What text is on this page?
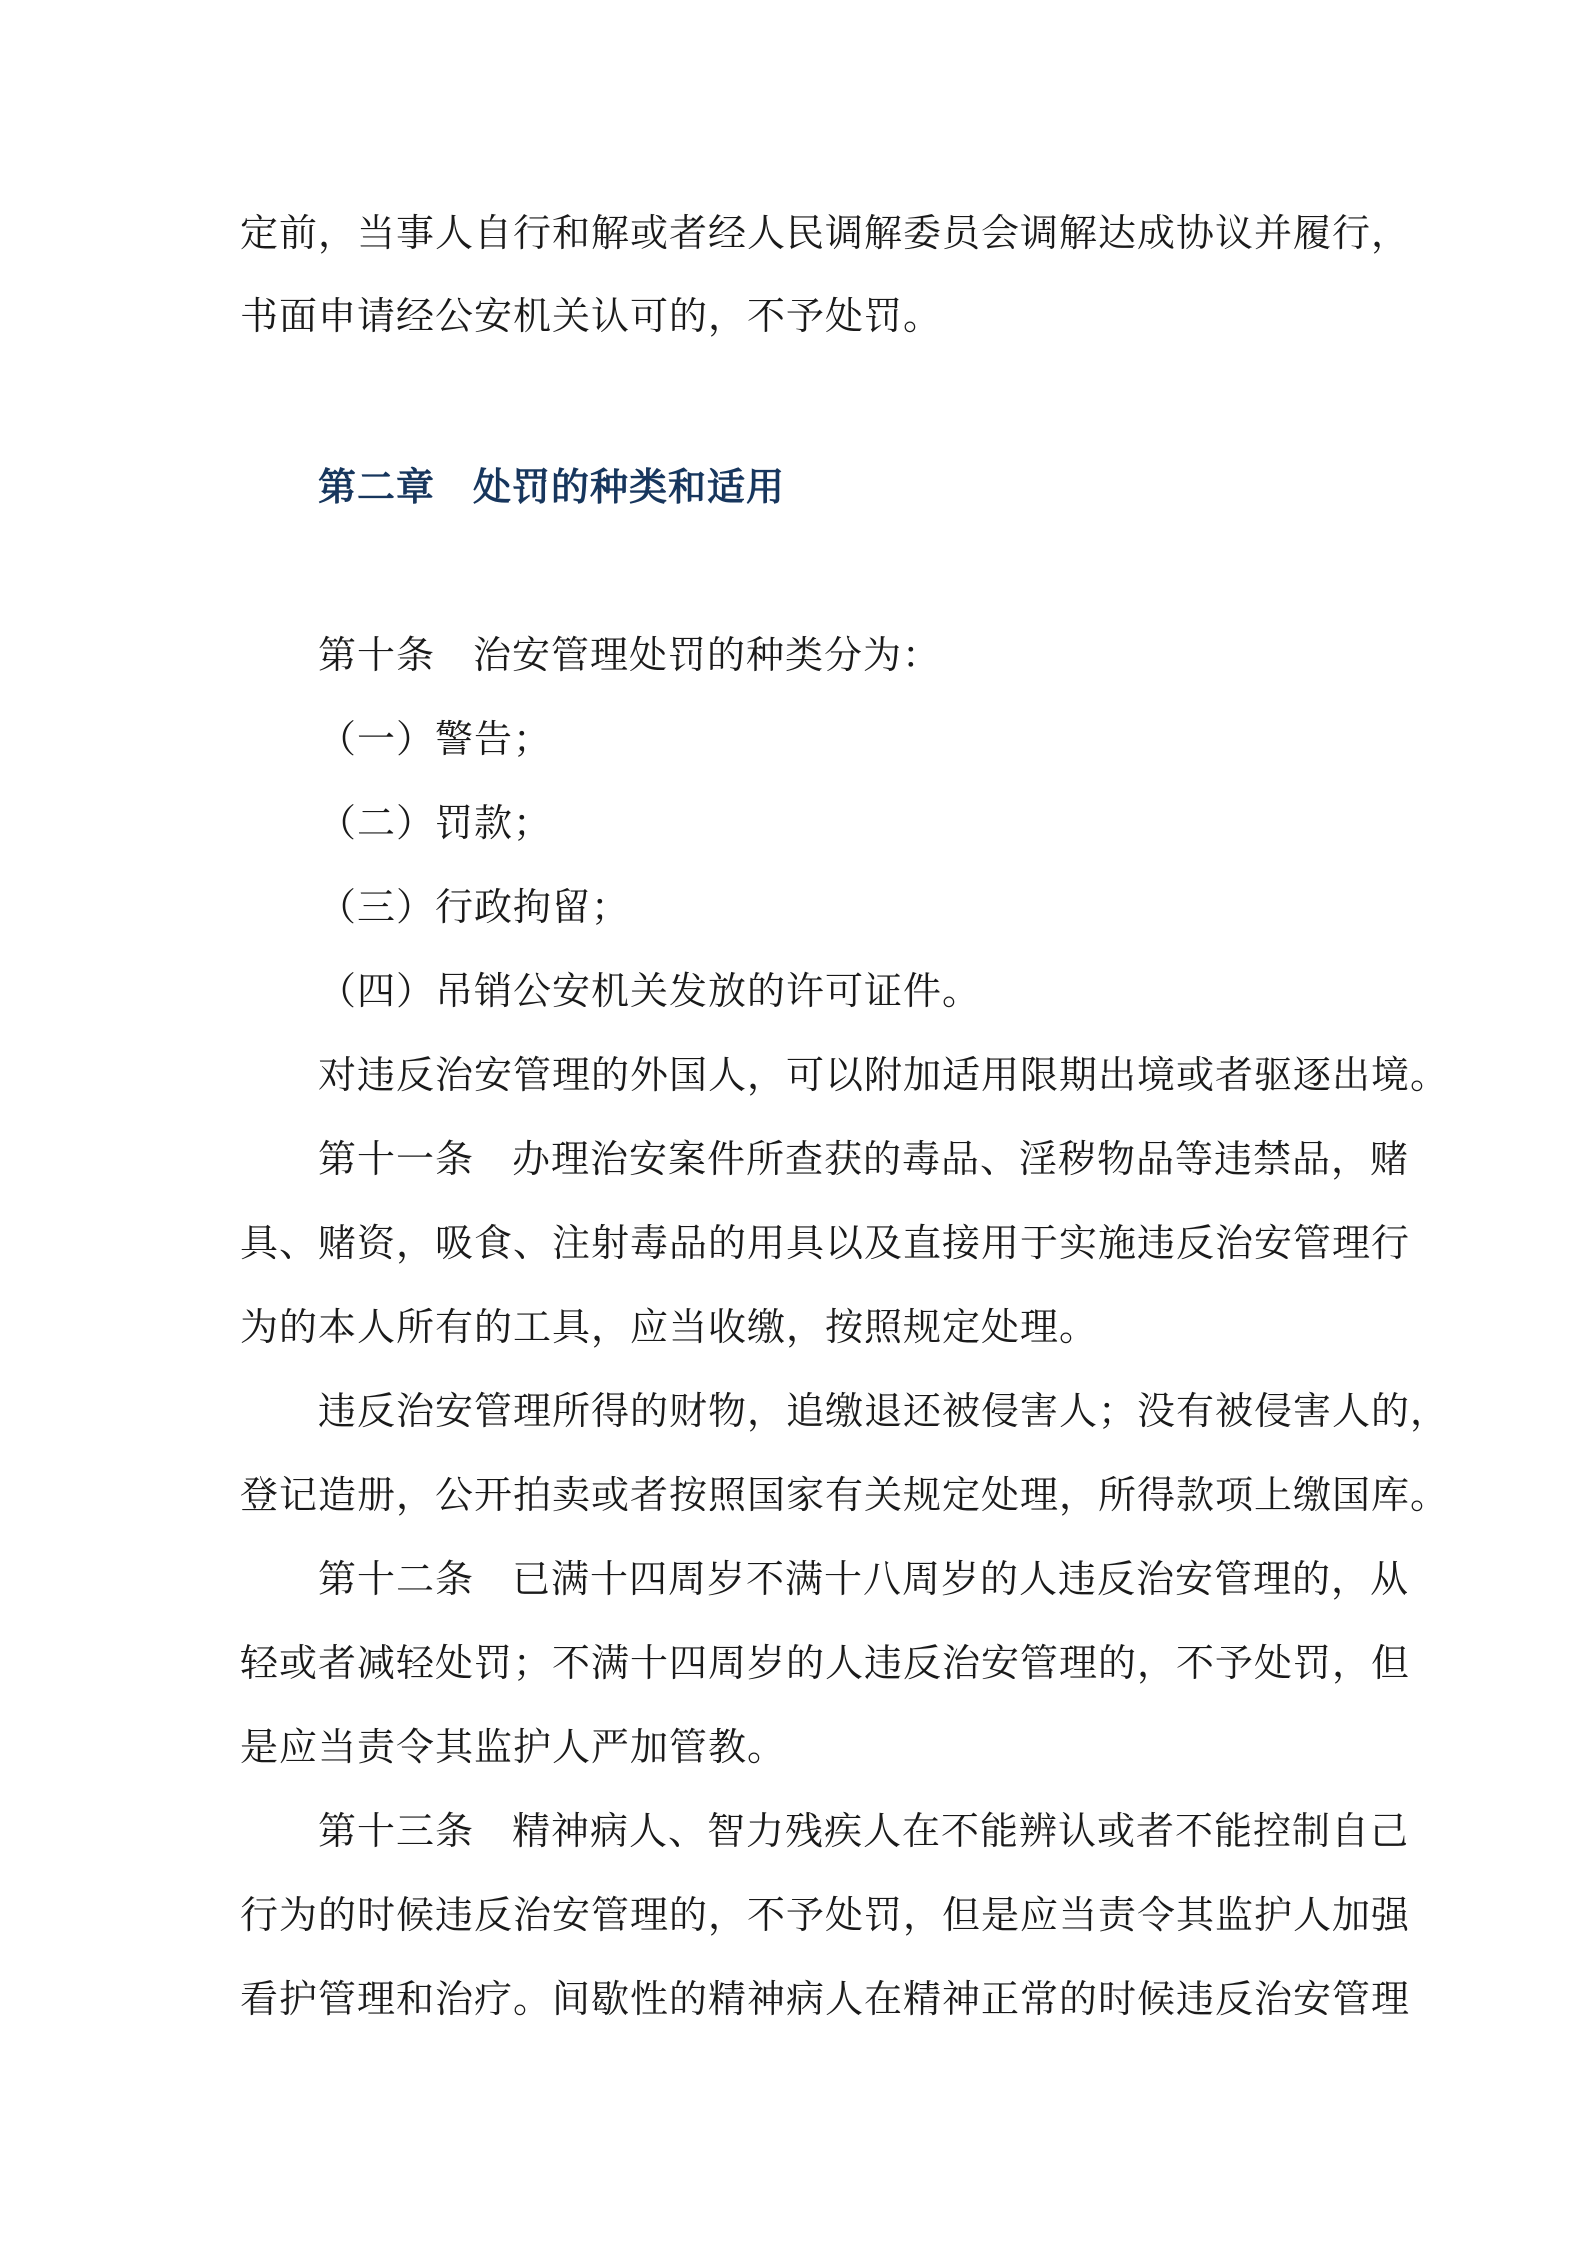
定前，当事人自行和解或者经人民调解委员会调解达成协议并履行，
书面申请经公安机关认可的，不予处罚。
第二章 处罚的种类和适用
第十条 治安管理处罚的种类分为：
（一）警告；
（二）罚款；
（三）行政拘留；
（四）吊销公安机关发放的许可证件。
对违反治安管理的外国人，可以附加适用限期出境或者驱逐出境。
第十一条 办理治安案件所查获的毒品、淫秽物品等违禁品，赌
具、赌资，吸食、注射毒品的用具以及直接用于实施违反治安管理行
为的本人所有的工具，应当收缴，按照规定处理。
违反治安管理所得的财物，追缴退还被侵害人；没有被侵害人的，
登记造册，公开拍卖或者按照国家有关规定处理，所得款项上缴国库。
第十二条 已满十四周岁不满十八周岁的人违反治安管理的，从
轻或者减轻处罚；不满十四周岁的人违反治安管理的，不予处罚，但
是应当责令其监护人严加管教。
第十三条 精神病人、智力残疾人在不能辨认或者不能控制自己
行为的时候违反治安管理的，不予处罚，但是应当责令其监护人加强
看护管理和治疗。间歇性的精神病人在精神正常的时候违反治安管理
